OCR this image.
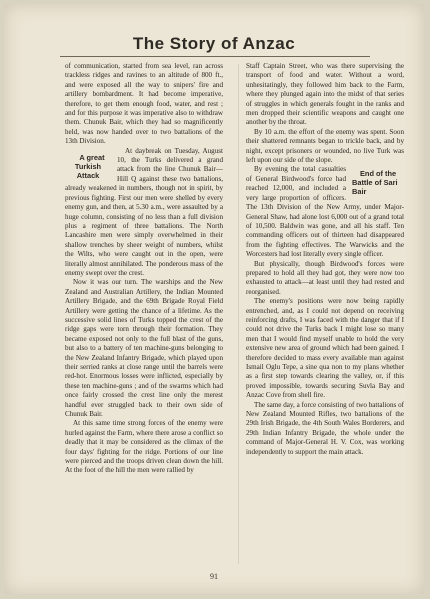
The Story of Anzac

of communication, started from sea level, ran across trackless ridges and ravines to an altitude of 800 ft., and were exposed all the way to snipers' fire and artillery bombardment. It had become imperative, therefore, to get them enough food, water, and rest ; and for this purpose it was imperative also to withdraw them. Chunuk Bair, which they had so magnificently held, was now handed over to two battalions of the 13th Division.

A great Turkish Attack
At daybreak on Tuesday, August 10, the Turks delivered a grand attack from the line Chunuk Bair—Hill Q against these two battalions, already weakened in numbers, though not in spirit, by previous fighting. First our men were shelled by every enemy gun, and then, at 5.30 a.m., were assaulted by a huge column, consisting of no less than a full division plus a regiment of three battalions. The North Lancashire men were simply overwhelmed in their shallow trenches by sheer weight of numbers, whilst the Wilts, who were caught out in the open, were literally almost annihilated. The ponderous mass of the enemy swept over the crest.

Now it was our turn. The warships and the New Zealand and Australian Artillery, the Indian Mounted Artillery Brigade, and the 69th Brigade Royal Field Artillery were getting the chance of a lifetime. As the successive solid lines of Turks topped the crest of the ridge gaps were torn through their formation. They became exposed not only to the full blast of the guns, but also to a battery of ten machine-guns belonging to the New Zealand Infantry Brigade, which played upon their serried ranks at close range until the barrels were red-hot. Enormous losses were inflicted, especially by these ten machine-guns ; and of the swarms which had once fairly crossed the crest line only the merest handful ever struggled back to their own side of Chunuk Bair.

At this same time strong forces of the enemy were hurled against the Farm, where there arose a conflict so deadly that it may be considered as the climax of the four days' fighting for the ridge. Portions of our line were pierced and the troops driven clean down the hill. At the foot of the hill the men were rallied by

Staff Captain Street, who was there supervising the transport of food and water. Without a word, unhesitatingly, they followed him back to the Farm, where they plunged again into the midst of that series of struggles in which generals fought in the ranks and men dropped their scientific weapons and caught one another by the throat.

By 10 a.m. the effort of the enemy was spent. Soon their shattered remnants began to trickle back, and by night, except prisoners or wounded, no live Turk was left upon our side of the slope.

End of the Battle of Sari Bair
By evening the total casualties of General Birdwood's force had reached 12,000, and included a very large proportion of officers. The 13th Division of the New Army, under Major-General Shaw, had alone lost 6,000 out of a grand total of 10,500. Baldwin was gone, and all his staff. Ten commanding officers out of thirteen had disappeared from the fighting effectives. The Warwicks and the Worcesters had lost literally every single officer.

But physically, though Birdwood's forces were prepared to hold all they had got, they were now too exhausted to attack—at least until they had rested and reorganised.

The enemy's positions were now being rapidly entrenched, and, as I could not depend on receiving reinforcing drafts, I was faced with the danger that if I could not drive the Turks back I might lose so many men that I would find myself unable to hold the very extensive new area of ground which had been gained. I therefore decided to mass every available man against Ismail Oglu Tepe, a sine qua non to my plans whether as a first step towards clearing the valley, or, if this proved impossible, towards securing Suvla Bay and Anzac Cove from shell fire.

The same day, a force consisting of two battalions of New Zealand Mounted Rifles, two battalions of the 29th Irish Brigade, the 4th South Wales Borderers, and 29th Indian Infantry Brigade, the whole under the command of Major-General H. V. Cox, was working independently to support the main attack.

91
